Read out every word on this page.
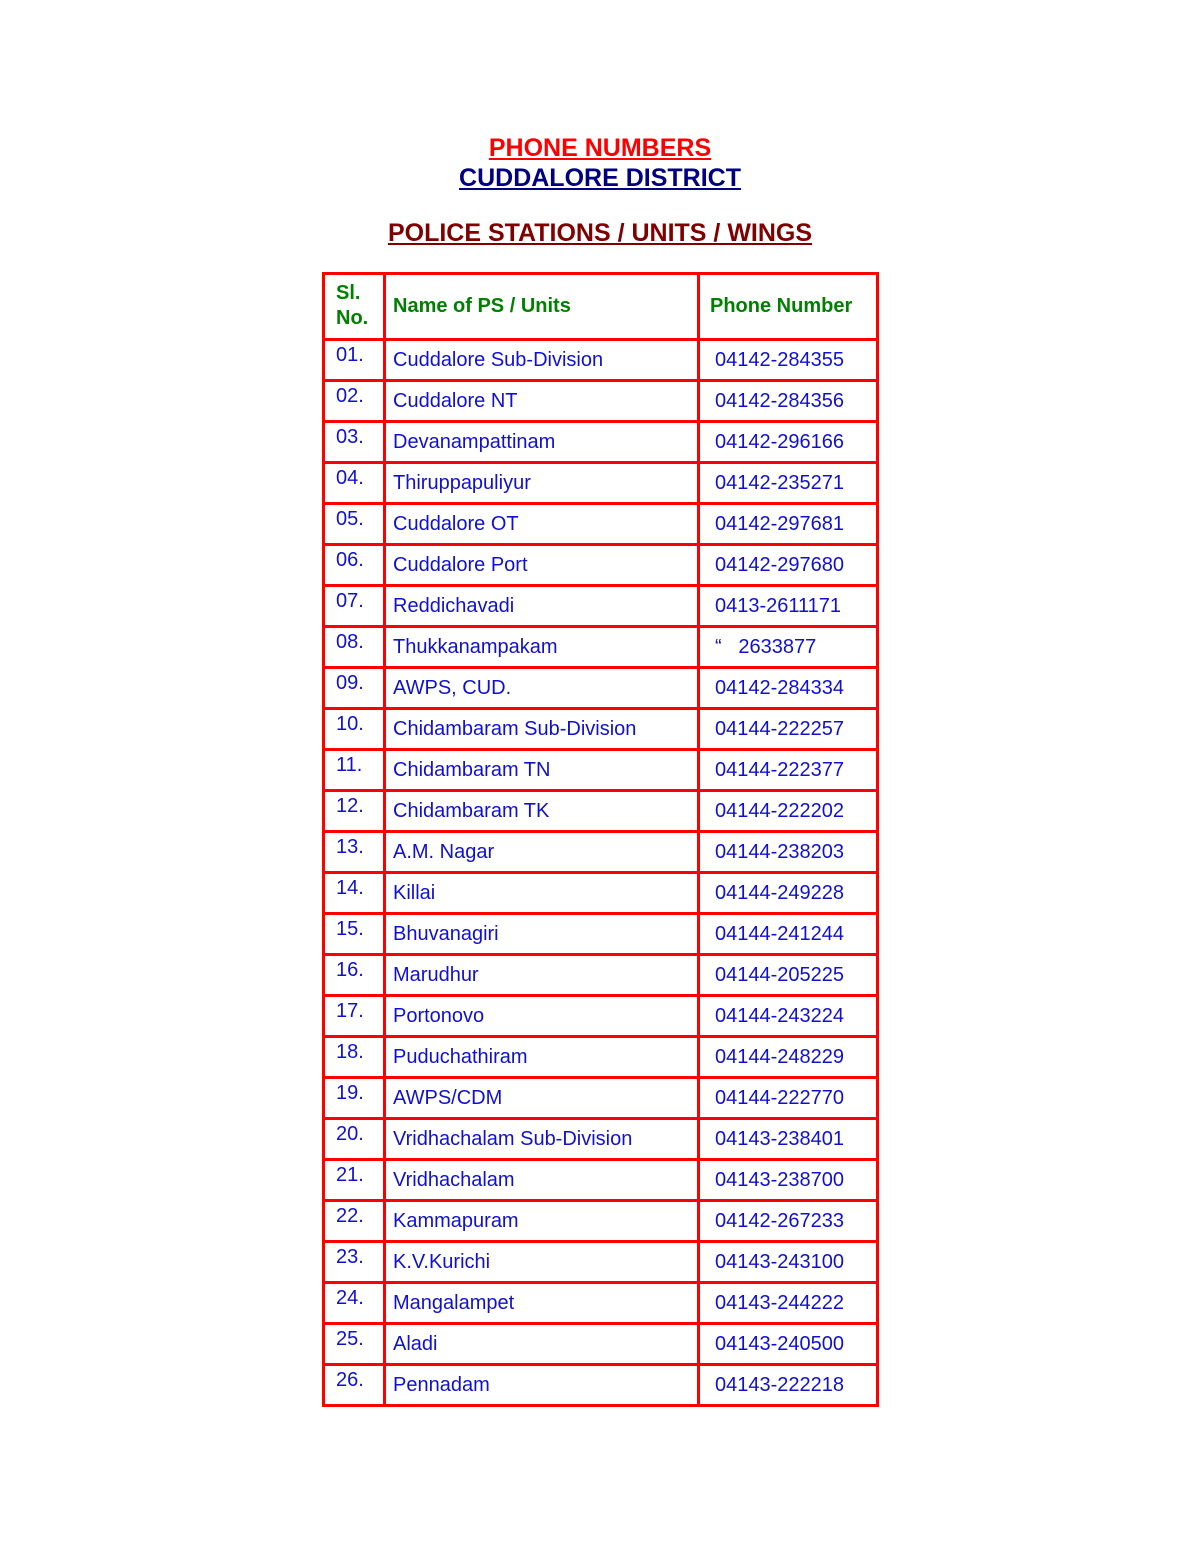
PHONE NUMBERS
CUDDALORE DISTRICT
POLICE STATIONS / UNITS / WINGS
Sl. No.	Name of PS / Units	Phone Number
01.	Cuddalore Sub-Division	04142-284355
02.	Cuddalore NT	04142-284356
03.	Devanampattinam	04142-296166
04.	Thiruppapuliyur	04142-235271
05.	Cuddalore OT	04142-297681
06.	Cuddalore Port	04142-297680
07.	Reddichavadi	0413-2611171
08.	Thukkanampakam	“   2633877
09.	AWPS, CUD.	04142-284334
10.	Chidambaram Sub-Division	04144-222257
11.	Chidambaram TN	04144-222377
12.	Chidambaram TK	04144-222202
13.	A.M. Nagar	04144-238203
14.	Killai	04144-249228
15.	Bhuvanagiri	04144-241244
16.	Marudhur	04144-205225
17.	Portonovo	04144-243224
18.	Puduchathiram	04144-248229
19.	AWPS/CDM	04144-222770
20.	Vridhachalam Sub-Division	04143-238401
21.	Vridhachalam	04143-238700
22.	Kammapuram	04142-267233
23.	K.V.Kurichi	04143-243100
24.	Mangalampet	04143-244222
25.	Aladi	04143-240500
26.	Pennadam	04143-222218
